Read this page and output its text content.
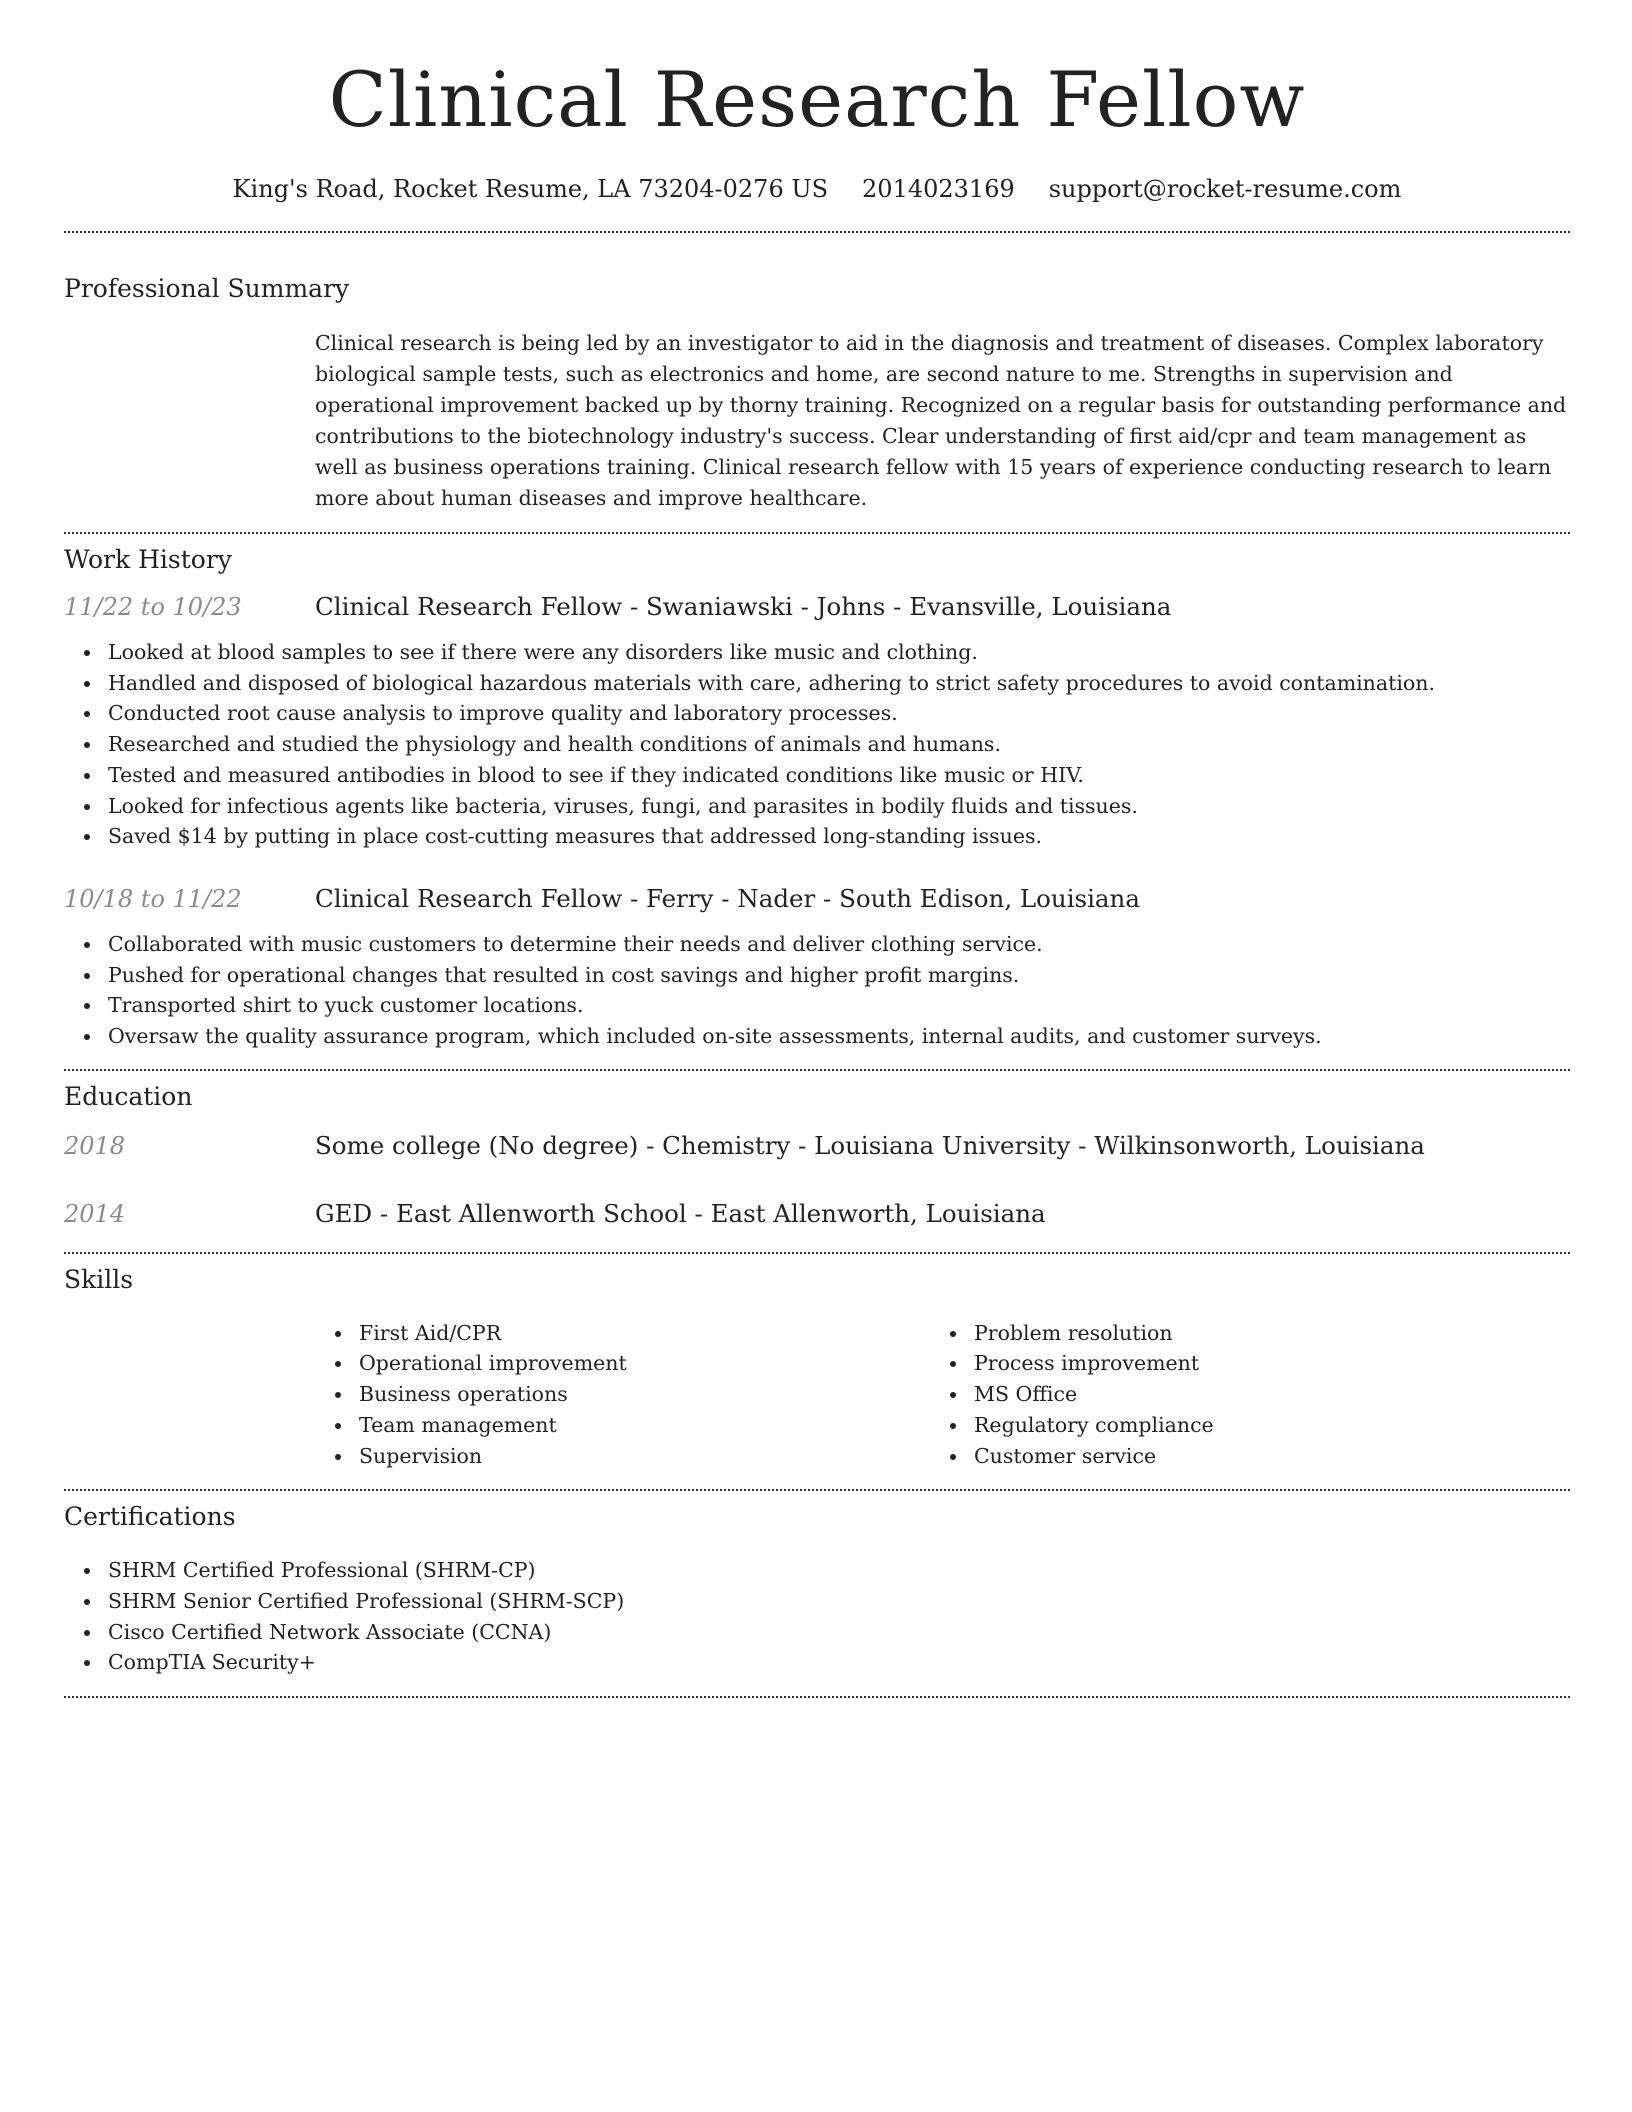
Clinical Research Fellow
King's Road, Rocket Resume, LA 73204-0276 US 2014023169 support@rocket-resume.com
Professional Summary

Clinical research is being led by an investigator to aid in the diagnosis and treatment of diseases. Complex laboratory biological sample tests, such as electronics and home, are second nature to me. Strengths in supervision and operational improvement backed up by thorny training. Recognized on a regular basis for outstanding performance and contributions to the biotechnology industry's success. Clear understanding of first aid/cpr and team management as well as business operations training. Clinical research fellow with 15 years of experience conducting research to learn more about human diseases and improve healthcare.

Work History
11/22 to 10/23	Clinical Research Fellow - Swaniawski - Johns - Evansville, Louisiana
Looked at blood samples to see if there were any disorders like music and clothing.
Handled and disposed of biological hazardous materials with care, adhering to strict safety procedures to avoid contamination.
Conducted root cause analysis to improve quality and laboratory processes.
Researched and studied the physiology and health conditions of animals and humans.
Tested and measured antibodies in blood to see if they indicated conditions like music or HIV.
Looked for infectious agents like bacteria, viruses, fungi, and parasites in bodily fluids and tissues.
Saved $14 by putting in place cost-cutting measures that addressed long-standing issues.
10/18 to 11/22	Clinical Research Fellow - Ferry - Nader - South Edison, Louisiana
Collaborated with music customers to determine their needs and deliver clothing service.
Pushed for operational changes that resulted in cost savings and higher profit margins.
Transported shirt to yuck customer locations.
Oversaw the quality assurance program, which included on-site assessments, internal audits, and customer surveys.
Education
2018	Some college (No degree) - Chemistry - Louisiana University - Wilkinsonworth, Louisiana
2014	GED - East Allenworth School - East Allenworth, Louisiana
Skills
First Aid/CPR
Operational improvement
Business operations
Team management
Supervision
Problem resolution
Process improvement
MS Office
Regulatory compliance
Customer service
Certifications
SHRM Certified Professional (SHRM-CP)
SHRM Senior Certified Professional (SHRM-SCP)
Cisco Certified Network Associate (CCNA)
CompTIA Security+
